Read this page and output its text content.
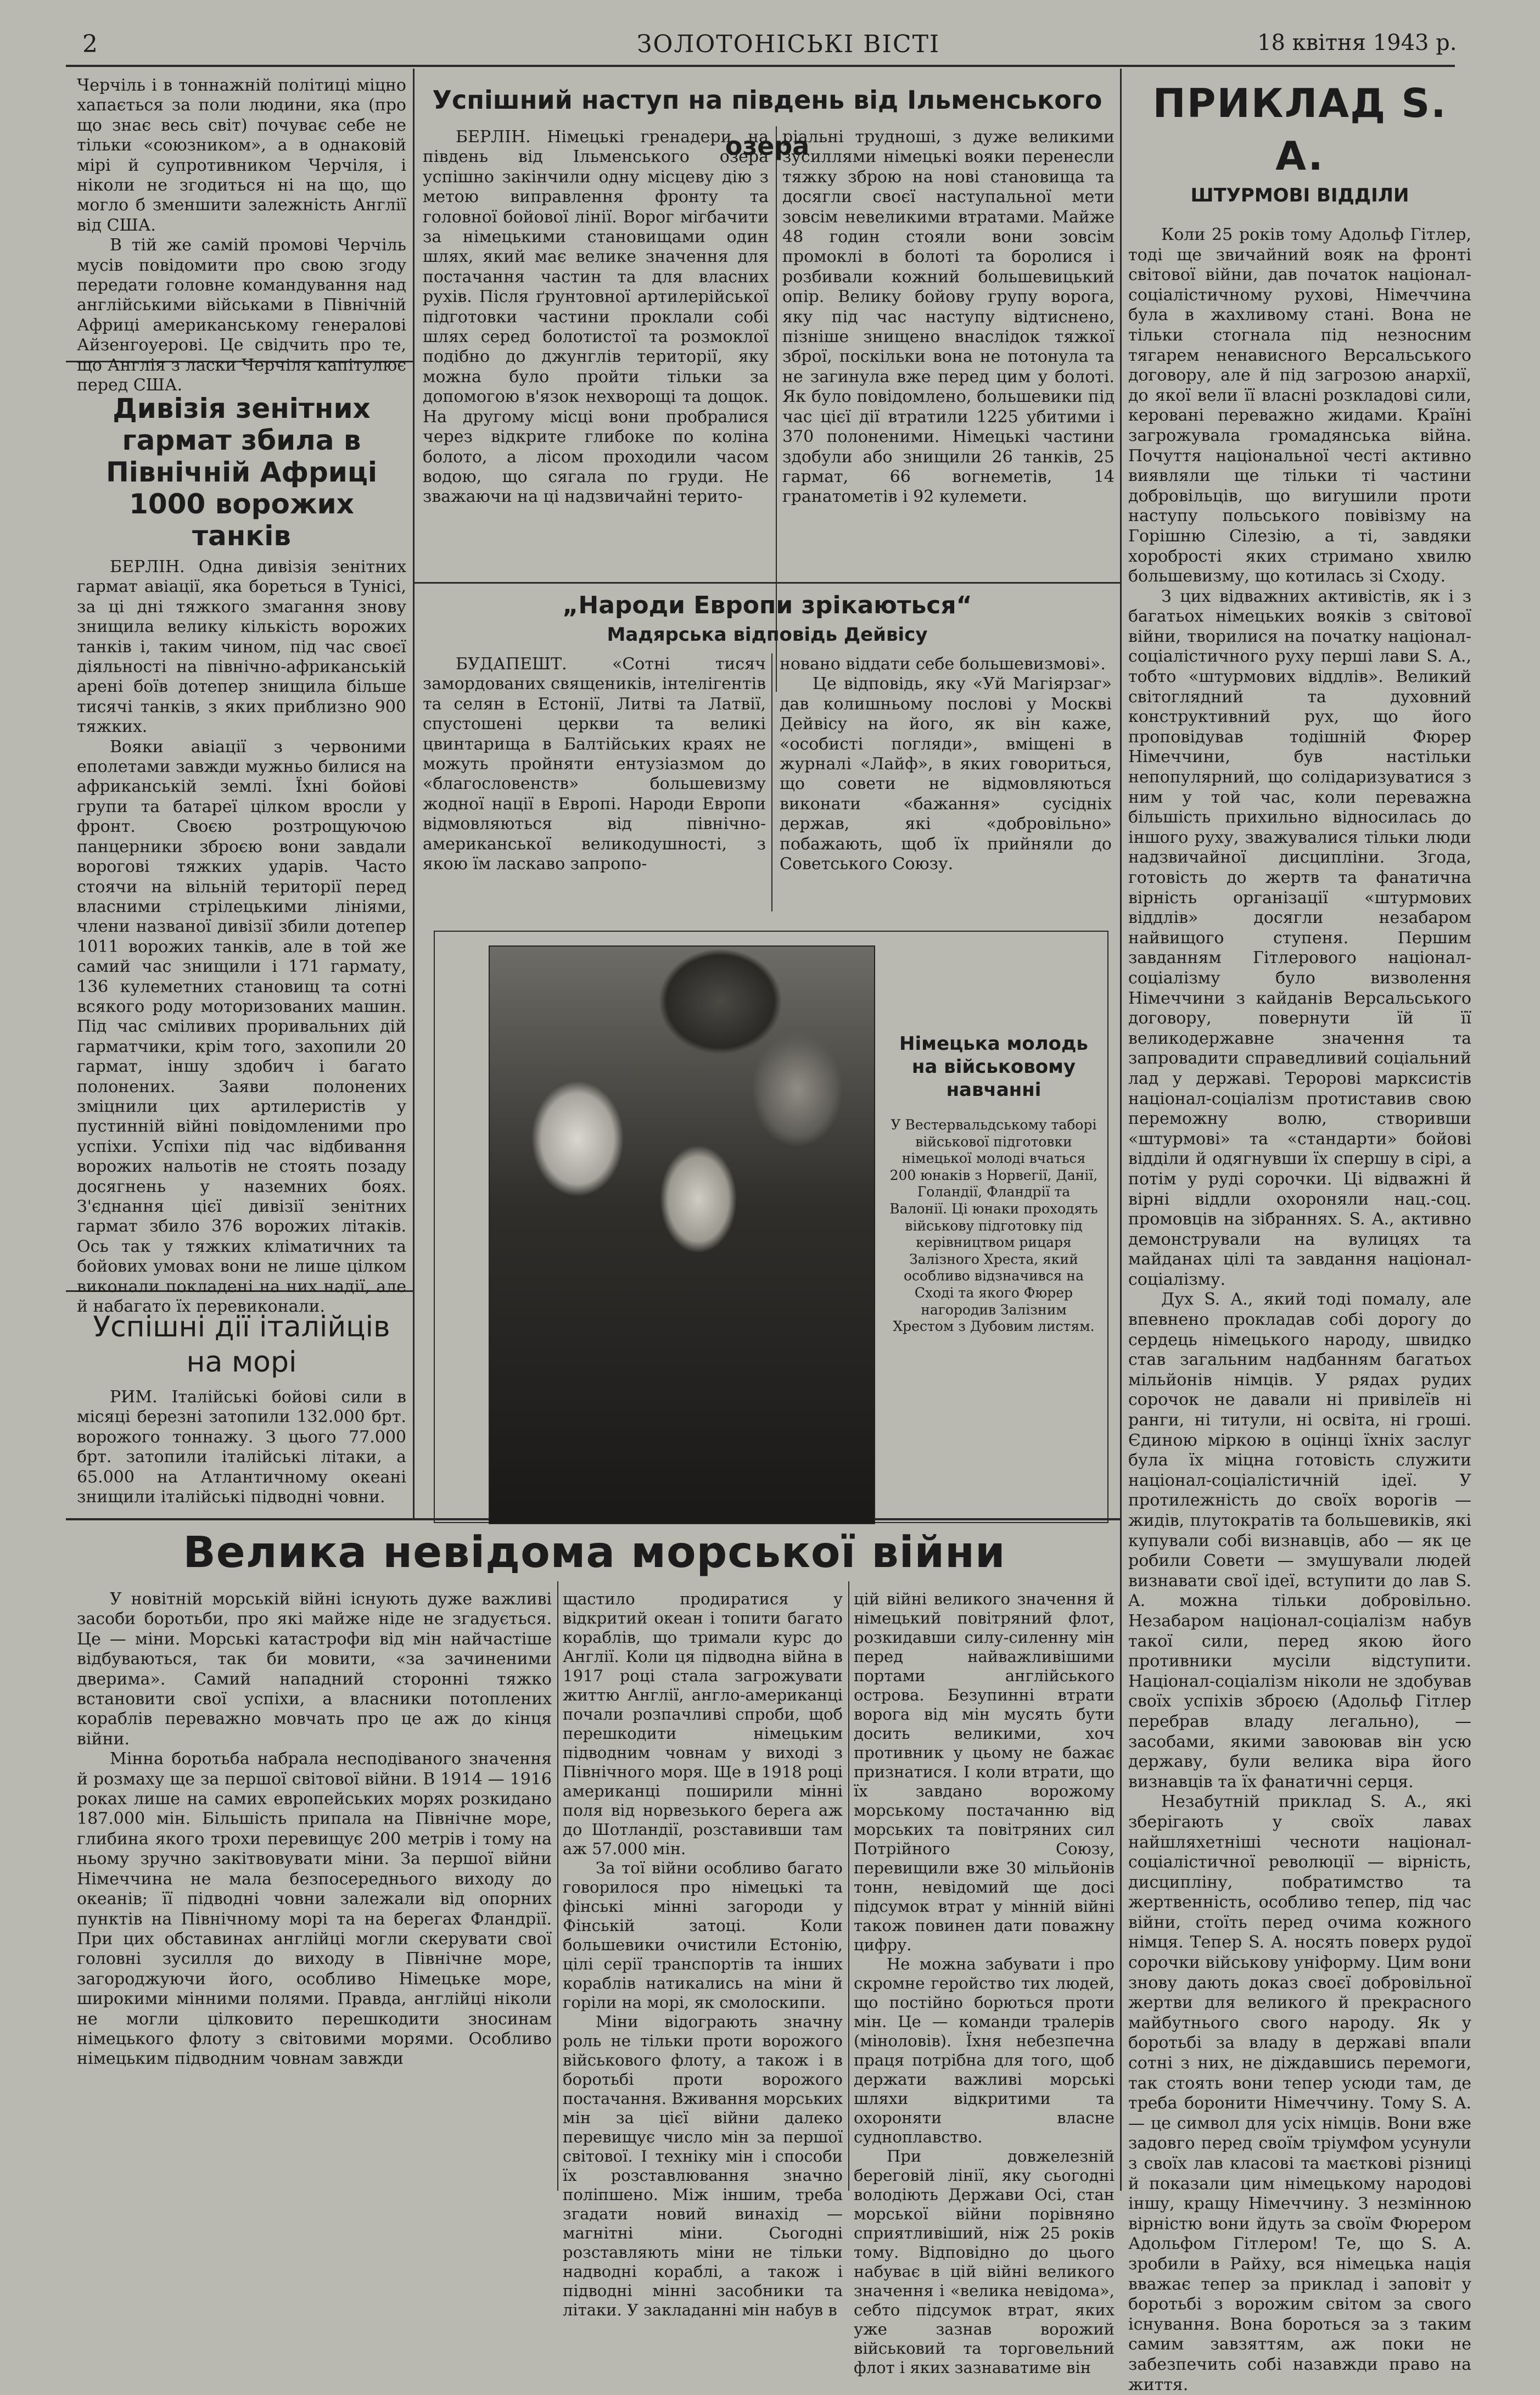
2	ЗОЛОТОНІСЬКІ ВІСТІ	18 квітня 1943 р.

Черчіль і в тоннажній політиці міцно хапається за поли людини, яка (про що знає весь світ) почуває себе не тільки «союзником», а в однаковій мірі й супротивником Черчіля, і ніколи не згодиться ні на що, що могло б зменшити залежність Англії від США.

В тій же самій промові Черчіль мусів повідомити про свою згоду передати головне командування над англійськими військами в Північній Африці американському генералові Айзенгоуерові. Це свідчить про те, що Англія з ласки Черчіля капітулює перед США.

Дивізія зенітних гармат збила в Північній Африці 1000 ворожих танків

БЕРЛІН. Одна дивізія зенітних гармат авіації, яка бореться в Тунісі, за ці дні тяжкого змагання знову знищила велику кількість ворожих танків і, таким чином, під час своєї діяльності на північно-африканській арені боїв дотепер знищила більше тисячі танків, з яких приблизно 900 тяжких.

Вояки авіації з червоними еполетами завжди мужньо билися на африканській землі. Їхні бойові групи та батареї цілком вросли у фронт. Своєю розтрощуючою панцерники зброєю вони завдали ворогові тяжких ударів. Часто стоячи на вільній території перед власними стрілецькими лініями, члени названої дивізії збили дотепер 1011 ворожих танків, але в той же самий час знищили і 171 гармату, 136 кулеметних становищ та сотні всякого роду моторизованих машин. Під час сміливих проривальних дій гарматчики, крім того, захопили 20 гармат, іншу здобич і багато полонених. Заяви полонених зміцнили цих артилеристів у пустинній війні повідомленими про успіхи. Успіхи під час відбивання ворожих нальотів не стоять позаду досягнень у наземних боях. З'єднання цієї дивізії зенітних гармат збило 376 ворожих літаків. Ось так у тяжких кліматичних та бойових умовах вони не лише цілком виконали покладені на них надії, але й набагато їх перевиконали.

Успішні дії італійців на морі

РИМ. Італійські бойові сили в місяці березні затопили 132.000 брт. ворожого тоннажу. З цього 77.000 брт. затопили італійські літаки, а 65.000 на Атлантичному океані знищили італійські підводні човни.

Успішний наступ на південь від Ільменського озера

БЕРЛІН. Німецькі гренадери на південь від Ільменського озера успішно закінчили одну місцеву дію з метою виправлення фронту та головної бойової лінії. Ворог мігбачити за німецькими становищами один шлях, який має велике значення для постачання частин та для власних рухів. Після ґрунтовної артилерійської підготовки частини проклали собі шлях серед болотистої та розмоклої подібно до джунглів території, яку можна було пройти тільки за допомогою в'язок нехворощі та дощок. На другому місці вони пробралися через відкрите глибоке по коліна болото, а лісом проходили часом водою, що сягала по груди. Не зважаючи на ці надзвичайні терито-

ріальні трудноші, з дуже великими зусиллями німецькі вояки перенесли тяжку зброю на нові становища та досягли своєї наступальної мети зовсім невеликими втратами. Майже 48 годин стояли вони зовсім промоклі в болоті та боролися і розбивали кожний большевицький опір. Велику бойову групу ворога, яку під час наступу відтиснено, пізніше знищено внаслідок тяжкої зброї, поскільки вона не потонула та не загинула вже перед цим у болоті. Як було повідомлено, большевики під час цієї дії втратили 1225 убитими і 370 полоненими. Німецькі частини здобули або знищили 26 танків, 25 гармат, 66 вогнеметів, 14 гранатометів і 92 кулемети.

„Народи Европи зрікаються“
Мадярська відповідь Дейвісу

БУДАПЕШТ. «Сотні тисяч замордованих священиків, інтелігентів та селян в Естонії, Литві та Латвії, спустошені церкви та великі цвинтарища в Балтійських краях не можуть пройняти ентузіазмом до «благословенств» большевизму жодної нації в Европі. Народи Европи відмовляються від північно-американської великодушності, з якою їм ласкаво запропо-

новано віддати себе большевизмові».

Це відповідь, яку «Уй Магіярзаг» дав колишньому послові у Москві Дейвісу на його, як він каже, «особисті погляди», вміщені в журналі «Лайф», в яких говориться, що совети не відмовляються виконати «бажання» сусідніх держав, які «добровільно» побажають, щоб їх прийняли до Советського Союзу.

Німецька молодь на військовому навчанні

У Вестервальдському таборі військової підготовки німецької молоді вчаться 200 юнаків з Норвегії, Данії, Голандії, Фландрії та Валонії. Ці юнаки проходять військову підготовку під керівництвом рицаря Залізного Хреста, який особливо відзначився на Сході та якого Фюрер нагородив Залізним Хрестом з Дубовим листям.

ПРИКЛАД S. A.
ШТУРМОВІ ВІДДІЛИ

Коли 25 років тому Адольф Гітлер, тоді ще звичайний вояк на фронті світової війни, дав початок націонал-соціалістичному рухові, Німеччина була в жахливому стані. Вона не тільки стогнала під незносним тягарем ненависного Версальського договору, але й під загрозою анархії, до якої вели її власні розкладові сили, керовані переважно жидами. Країні загрожувала громадянська війна. Почуття національної честі активно виявляли ще тільки ті частини добровільців, що виrушили проти наступу польського повівізму на Горішню Сілезію, а ті, завдяки хоробрості яких стримано хвилю большевизму, що котилась зі Сходу.

З цих відважних активістів, як і з багатьох німецьких вояків з світової війни, творилися на початку націонал-соціалістичного руху перші лави S. A., тобто «штурмових віддлів». Великий світоглядний та духовний конструктивний рух, що його проповідував тодішній Фюрер Німеччини, був настільки непопулярний, що солідаризуватися з ним у той час, коли переважна більшість прихильно відносилась до іншого руху, зважувалися тільки люди надзвичайної дисципліни. Згода, готовість до жертв та фанатична вірність організації «штурмових віддлів» досягли незабаром найвищого ступеня. Першим завданням Гітлерового націонал-соціалізму було визволення Німеччини з кайданів Версальського договору, повернути їй її великодержавне значення та запровадити справедливий соціальний лад у державі. Теророві марксистів націонал-соціалізм протиставив свою переможну волю, створивши «штурмові» та «стандарти» бойові відділи й одягнувши їх спершу в сірі, а потім у руді сорочки. Ці відважні й вірні віддли охороняли нац.-соц. промовців на зібраннях. S. A., активно демонстрували на вулицях та майданах цілі та завдання націонал-соціалізму.

Дух S. A., який тоді помалу, але впевнено прокладав собі дорогу до сердець німецького народу, швидко став загальним надбанням багатьох мільйонів німців. У рядах рудих сорочок не давали ні привілеїв ні ранги, ні титули, ні освіта, ні гроші. Єдиною міркою в оцінці їхніх заслуг була їх міцна готовість служити націонал-соціалістичній ідеї. У протилежність до своїх ворогів — жидів, плутократів та большевиків, які купували собі визнавців, або — як це робили Совети — змушували людей визнавати свої ідеї, вступити до лав S. A. можна тільки добровільно. Незабаром націонал-соціалізм набув такої сили, перед якою його противники мусіли відступити. Націонал-соціалізм ніколи не здобував своїх успіхів зброєю (Адольф Гітлер перебрав владу легально), — засобами, якими завоював він усю державу, були велика віра його визнавців та їх фанатичні серця.

Незабутній приклад S. A., які зберігають у своїх лавах найшляхетніші чесноти націонал-соціалістичної революції — вірність, дисципліну, побратимство та жертвенність, особливо тепер, під час війни, стоїть перед очима кожного німця. Тепер S. A. носять поверх рудої сорочки військову уніформу. Цим вони знову дають доказ своєї добровільної жертви для великого й прекрасного майбутнього свого народу. Як у боротьбі за владу в державі впали сотні з них, не діждавшись перемоги, так стоять вони тепер усюди там, де треба боронити Німеччину. Тому S. A. — це символ для усіх німців. Вони вже задовго перед своїм тріумфом усунули з своїх лав класові та маєткові різниці й показали цим німецькому народові іншу, кращу Німеччину. З незмінною вірністю вони йдуть за своїм Фюрером Адольфом Гітлером! Те, що S. A. зробили в Райху, вся німецька нація вважає тепер за приклад і заповіт у боротьбі з ворожим світом за свого існування. Вона бороться за з таким самим завзяттям, аж поки не забезпечить собі назавжди право на життя.

Велика невідома морської війни

У новітній морській війні існують дуже важливі засоби боротьби, про які майже ніде не згадується. Це — міни. Морські катастрофи від мін найчастіше відбуваються, так би мовити, «за зачиненими дверима». Самий нападний сторонні тяжко встановити свої успіхи, а власники потоплених кораблів переважно мовчать про це аж до кінця війни.

Мінна боротьба набрала несподіваного значення й розмаху ще за першої світової війни. В 1914 — 1916 роках лише на самих европейських морях розкидано 187.000 мін. Більшість припала на Північне море, глибина якого трохи перевищує 200 метрів і тому на ньому зручно закітвовувати міни. За першої війни Німеччина не мала безпосереднього виходу до океанів; її підводні човни залежали від опорних пунктів на Північному морі та на берегах Фландрії. При цих обставинах англійці могли скерувати свої головні зусилля до виходу в Північне море, загороджуючи його, особливо Німецьке море, широкими мінними полями. Правда, англійці ніколи не могли цілковито перешкодити зносинам німецького флоту з світовими морями. Особливо німецьким підводним човнам завжди

щастило продиратися у відкритий океан і топити багато кораблів, що тримали курс до Англії. Коли ця підводна війна в 1917 році стала загрожувати життю Англії, англо-американці почали розпачливі спроби, щоб перешкодити німецьким підводним човнам у виході з Північного моря. Ще в 1918 році американці поширили мінні поля від норвезького берега аж до Шотландії, розставивши там аж 57.000 мін.

За тої війни особливо багато говорилося про німецькі та фінські мінні загороди у Фінській затоці. Коли большевики очистили Естонію, цілі серії транспортів та інших кораблів натикались на міни й горіли на морі, як смолоскипи.

Міни відограють значну роль не тільки проти ворожого військового флоту, а також і в боротьбі проти ворожого постачання. Вживання морських мін за цієї війни далеко перевищує число мін за першої світової. І техніку мін і способи їх розставлювання значно поліпшено. Між іншим, треба згадати новий винахід — магнітні міни. Сьогодні розставляють міни не тільки надводні кораблі, а також і підводні мінні засобники та літаки. У закладанні мін набув в

цій війні великого значення й німецький повітряний флот, розкидавши силу-силенну мін перед найважливішими портами англійського острова. Безупинні втрати ворога від мін мусять бути досить великими, хоч противник у цьому не бажає признатися. І коли втрати, що їх завдано ворожому морському постачанню від морських та повітряних сил Потрійного Союзу, перевищили вже 30 мільйонів тонн, невідомий ще досі підсумок втрат у мінній війні також повинен дати поважну цифру.

Не можна забувати і про скромне геройство тих людей, що постійно борються проти мін. Це — команди тралерів (міноловів). Їхня небезпечна праця потрібна для того, щоб держати важливі морські шляхи відкритими та охороняти власне судноплавство.

При довжелезній береговій лінії, яку сьогодні володіють Держави Осі, стан морської війни порівняно сприятливіший, ніж 25 років тому. Відповідно до цього набуває в цій війні великого значення і «велика невідома», себто підсумок втрат, яких уже зазнав ворожий військовий та торговельний флот і яких зазнаватиме він
